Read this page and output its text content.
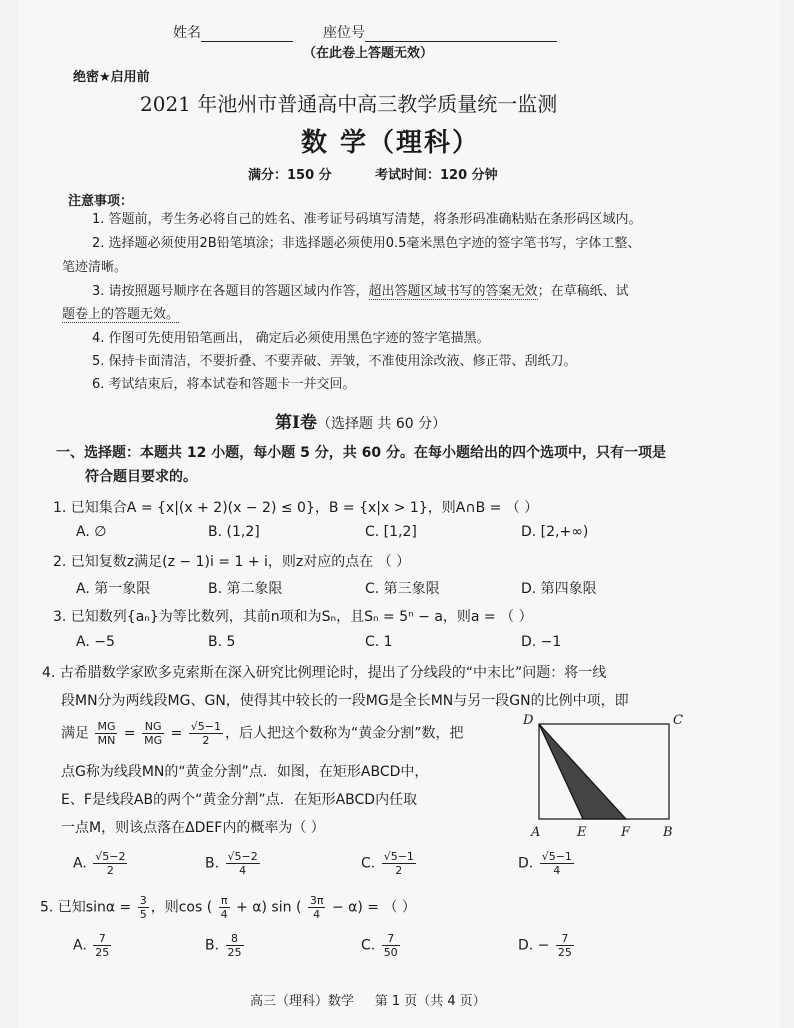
姓名	座位号
（在此卷上答题无效）
绝密★启用前
2021 年池州市普通高中高三教学质量统一监测
数 学（理科）
满分：150 分	考试时间：120 分钟
注意事项：
1. 答题前，考生务必将自己的姓名、准考证号码填写清楚，将条形码准确粘贴在条形码区域内。
2. 选择题必须使用2B铅笔填涂；非选择题必须使用0.5毫米黑色字迹的签字笔书写，字体工整、
笔迹清晰。
3. 请按照题号顺序在各题目的答题区域内作答，超出答题区域书写的答案无效；在草稿纸、试
题卷上的答题无效。
4. 作图可先使用铅笔画出， 确定后必须使用黑色字迹的签字笔描黑。
5. 保持卡面清洁，不要折叠、不要弄破、弄皱，不准使用涂改液、修正带、刮纸刀。
6. 考试结束后，将本试卷和答题卡一并交回。
第Ⅰ卷（选择题 共 60 分）
一、选择题：本题共 12 小题，每小题 5 分，共 60 分。在每小题给出的四个选项中，只有一项是
符合题目要求的。
1. 已知集合A = {x|(x + 2)(x − 2) ≤ 0}，B = {x|x > 1}，则A∩B = （ ）
A. ∅	B. (1,2]	C. [1,2]	D. [2,+∞)
2. 已知复数z满足(z − 1)i = 1 + i，则z对应的点在 （ ）
A. 第一象限	B. 第二象限	C. 第三象限	D. 第四象限
3. 已知数列{aₙ}为等比数列，其前n项和为Sₙ，且Sₙ = 5ⁿ − a，则a = （ ）
A. −5	B. 5	C. 1	D. −1
4. 古希腊数学家欧多克索斯在深入研究比例理论时，提出了分线段的“中末比”问题：将一线
段MN分为两线段MG、GN，使得其中较长的一段MG是全长MN与另一段GN的比例中项，即
满足 $\frac{MG}{MN} = \frac{NG}{MG} = \frac{√5-1}{2}$ ，后人把这个数称为“黄金分割”数，把
点G称为线段MN的“黄金分割”点．如图，在矩形ABCD中，
E、F是线段AB的两个“黄金分割”点．在矩形ABCD内任取
一点M，则该点落在ΔDEF内的概率为（ ）
D	C
A	E	F	B
A. $\frac{√5-2}{2}$	B. $\frac{√5-2}{4}$	C. $\frac{√5-1}{2}$	D. $\frac{√5-1}{4}$
5. 已知$\sin\alpha = \frac{3}{5}$ ，则cos ( $\frac{\pi}{4} + \alpha$) sin ( $\frac{3\pi}{4} - \alpha$) = （ ）
A. $\frac{7}{25}$	B. $\frac{8}{25}$	C. $\frac{7}{50}$	D. − $\frac{7}{25}$
高三（理科）数学 第 1 页（共 4 页）
